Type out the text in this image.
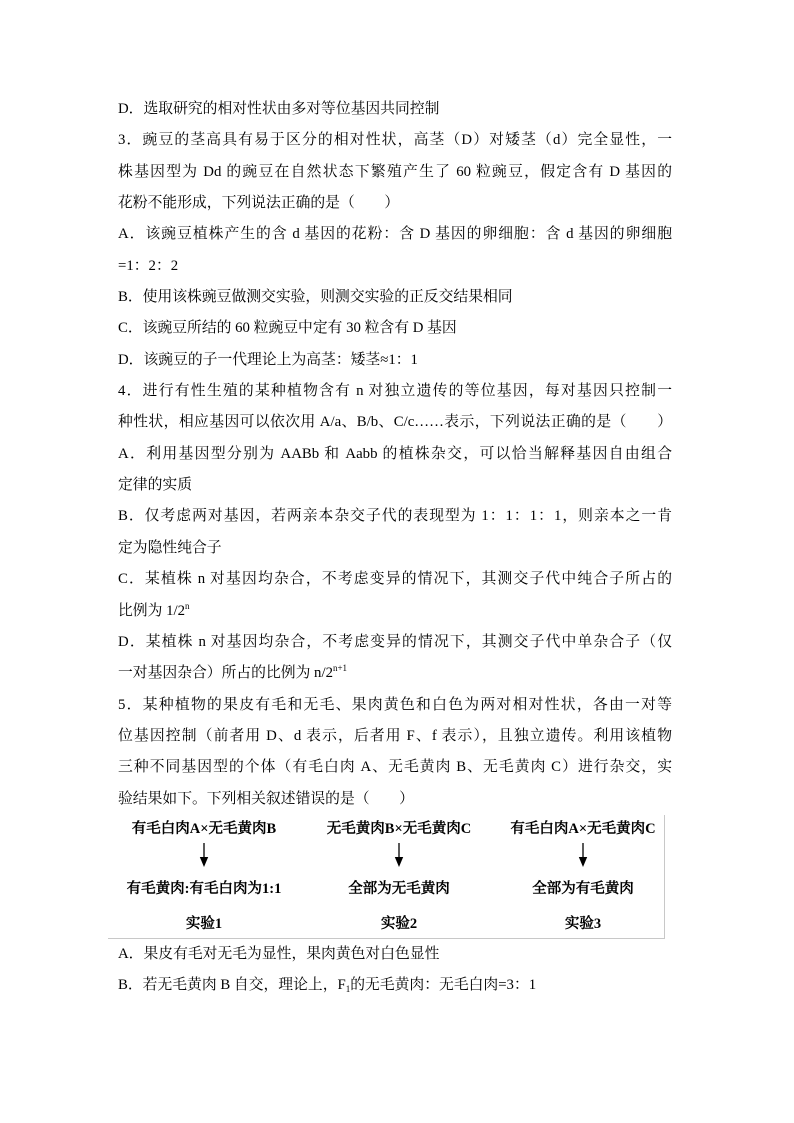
D．选取研究的相对性状由多对等位基因共同控制
3．豌豆的茎高具有易于区分的相对性状，高茎（D）对矮茎（d）完全显性，一
株基因型为 Dd 的豌豆在自然状态下繁殖产生了 60 粒豌豆，假定含有 D 基因的
花粉不能形成，下列说法正确的是（　　）
A．该豌豆植株产生的含 d 基因的花粉：含 D 基因的卵细胞：含 d 基因的卵细胞
=1：2：2
B．使用该株豌豆做测交实验，则测交实验的正反交结果相同
C．该豌豆所结的 60 粒豌豆中定有 30 粒含有 D 基因
D．该豌豆的子一代理论上为高茎：矮茎≈1：1
4．进行有性生殖的某种植物含有 n 对独立遗传的等位基因，每对基因只控制一
种性状，相应基因可以依次用 A/a、B/b、C/c……表示，下列说法正确的是（　　）
A．利用基因型分别为 AABb 和 Aabb 的植株杂交，可以恰当解释基因自由组合
定律的实质
B．仅考虑两对基因，若两亲本杂交子代的表现型为 1：1：1：1，则亲本之一肯
定为隐性纯合子
C．某植株 n 对基因均杂合，不考虑变异的情况下，其测交子代中纯合子所占的
比例为 1/2$^n$
D．某植株 n 对基因均杂合，不考虑变异的情况下，其测交子代中单杂合子（仅
一对基因杂合）所占的比例为 $n/2^{n+1}$
5．某种植物的果皮有毛和无毛、果肉黄色和白色为两对相对性状，各由一对等
位基因控制（前者用 D、d 表示，后者用 F、f 表示），且独立遗传。利用该植物
三种不同基因型的个体（有毛白肉 A、无毛黄肉 B、无毛黄肉 C）进行杂交，实
验结果如下。下列相关叙述错误的是（　　）
有毛白肉A×无毛黄肉B
有毛黄肉:有毛白肉为1:1
实验1
无毛黄肉B×无毛黄肉C
全部为无毛黄肉
实验2
有毛白肉A×无毛黄肉C
全部为有毛黄肉
实验3
A．果皮有毛对无毛为显性，果肉黄色对白色显性
B．若无毛黄肉 B 自交，理论上，$F_1$的无毛黄肉：无毛白肉=3：1
